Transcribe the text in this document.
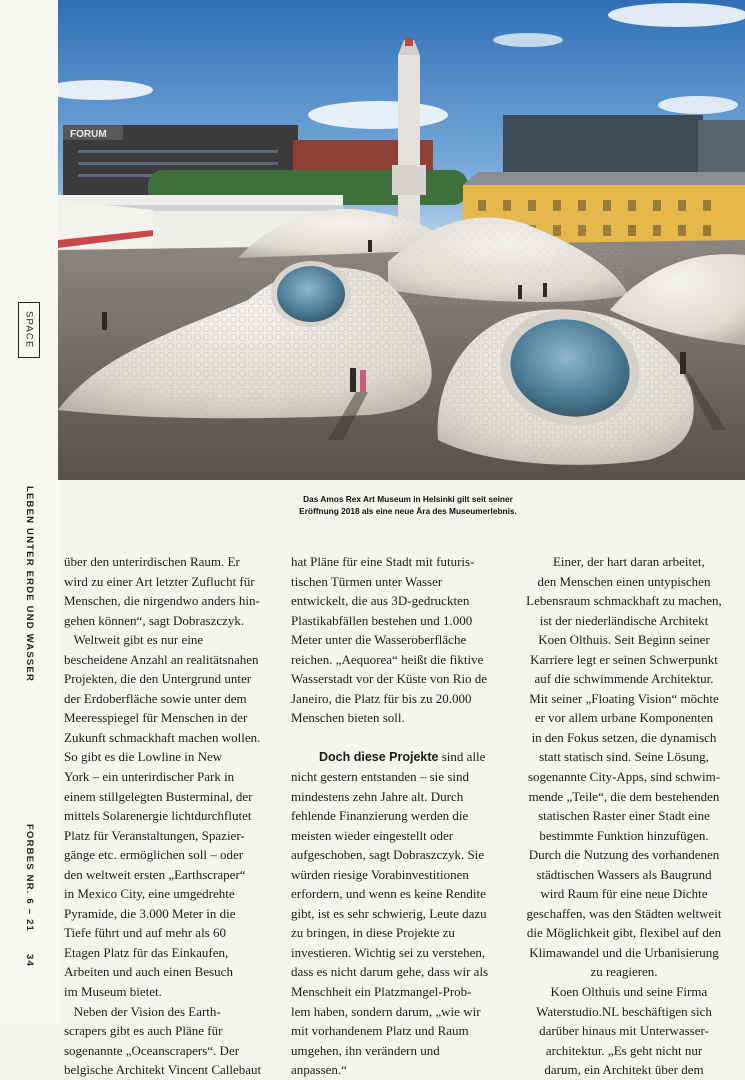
SPACE

LEBEN UNTER ERDE UND WASSER

FORBES NR. 6 – 21

34

FORUM
Das Amos Rex Art Museum in Helsinki gilt seit seiner
Eröffnung 2018 als eine neue Ära des Museumerlebnis.
über den unterirdischen Raum. Er
wird zu einer Art letzter Zuflucht für
Menschen, die nirgendwo anders hin-
gehen können“, sagt Dobraszczyk.
Weltweit gibt es nur eine
bescheidene Anzahl an realitätsnahen
Projekten, die den Untergrund unter
der Erdoberfläche sowie unter dem
Meeresspiegel für Menschen in der
Zukunft schmackhaft machen wollen.
So gibt es die Lowline in New
York – ein unterirdischer Park in
einem stillgelegten Busterminal, der
mittels Solarenergie lichtdurchflutet
Platz für Veranstaltungen, Spazier-
gänge etc. ermöglichen soll – oder
den weltweit ersten „Earthscraper“
in Mexico City, eine umgedrehte
Pyramide, die 3.000 Meter in die
Tiefe führt und auf mehr als 60
Etagen Platz für das Einkaufen,
Arbeiten und auch einen Besuch
im Museum bietet.
Neben der Vision des Earth-
scrapers gibt es auch Pläne für
sogenannte „Oceanscrapers“. Der
belgische Architekt Vincent Callebaut
hat Pläne für eine Stadt mit futuris-
tischen Türmen unter Wasser
entwickelt, die aus 3D-gedruckten
Plastikabfällen bestehen und 1.000
Meter unter die Wasseroberfläche
reichen. „Aequorea“ heißt die fiktive
Wasserstadt vor der Küste von Rio de
Janeiro, die Platz für bis zu 20.000
Menschen bieten soll.
Doch diese Projekte sind alle
nicht gestern entstanden – sie sind
mindestens zehn Jahre alt. Durch
fehlende Finanzierung werden die
meisten wieder eingestellt oder
aufgeschoben, sagt Dobraszczyk. Sie
würden riesige Vorabinvestitionen
erfordern, und wenn es keine Rendite
gibt, ist es sehr schwierig, Leute dazu
zu bringen, in diese Projekte zu
investieren. Wichtig sei zu verstehen,
dass es nicht darum gehe, dass wir als
Menschheit ein Platzmangel-Prob-
lem haben, sondern darum, „wie wir
mit vorhandenem Platz und Raum
umgehen, ihn verändern und
anpassen.“
Einer, der hart daran arbeitet,
den Menschen einen untypischen
Lebensraum schmackhaft zu machen,
ist der niederländische Architekt
Koen Olthuis. Seit Beginn seiner
Karriere legt er seinen Schwerpunkt
auf die schwimmende Architektur.
Mit seiner „Floating Vision“ möchte
er vor allem urbane Komponenten
in den Fokus setzen, die dynamisch
statt statisch sind. Seine Lösung,
sogenannte City-Apps, sind schwim-
mende „Teile“, die dem bestehenden
statischen Raster einer Stadt eine
bestimmte Funktion hinzufügen.
Durch die Nutzung des vorhandenen
städtischen Wassers als Baugrund
wird Raum für eine neue Dichte
geschaffen, was den Städten weltweit
die Möglichkeit gibt, flexibel auf den
Klimawandel und die Urbanisierung
zu reagieren.
Koen Olthuis und seine Firma
Waterstudio.NL beschäftigen sich
darüber hinaus mit Unterwasser-
architektur. „Es geht nicht nur
darum, ein Architekt über dem
